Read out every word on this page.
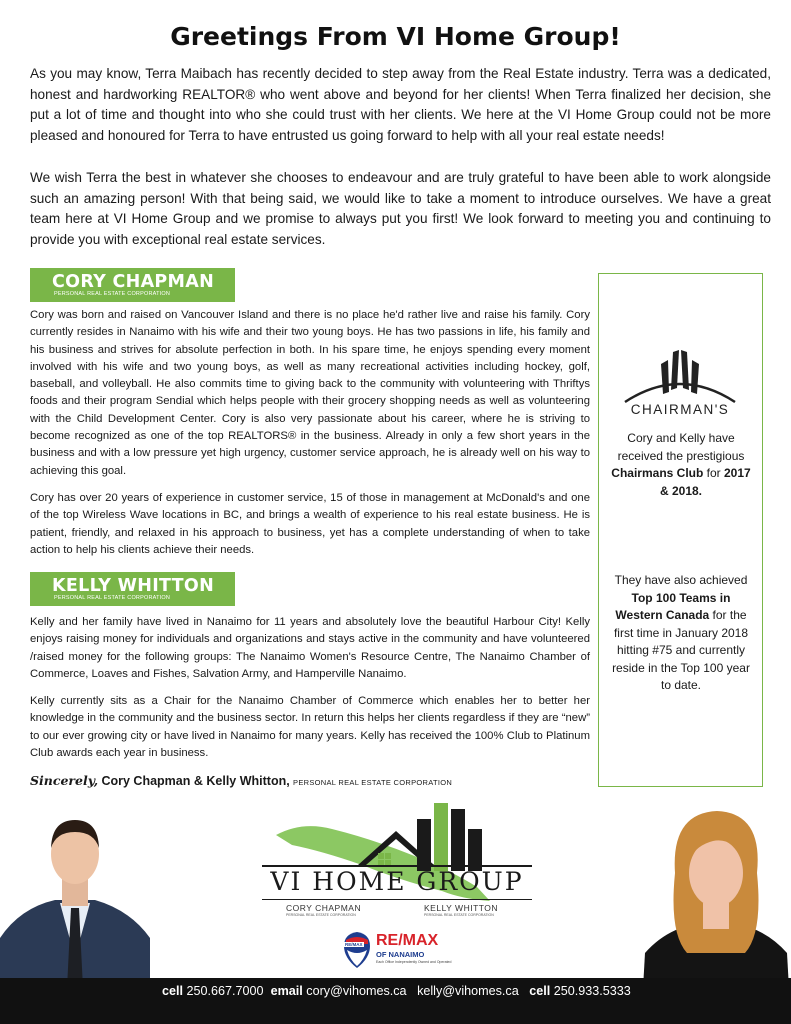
Greetings From VI Home Group!

As you may know, Terra Maibach has recently decided to step away from the Real Estate industry. Terra was a dedicated, honest and hardworking REALTOR® who went above and beyond for her clients! When Terra finalized her decision, she put a lot of time and thought into who she could trust with her clients. We here at the VI Home Group could not be more pleased and honoured for Terra to have entrusted us going forward to help with all your real estate needs!

We wish Terra the best in whatever she chooses to endeavour and are truly grateful to have been able to work alongside such an amazing person! With that being said, we would like to take a moment to introduce ourselves. We have a great team here at VI Home Group and we promise to always put you first! We look forward to meeting you and continuing to provide you with exceptional real estate services.

CORY CHAPMAN
PERSONAL REAL ESTATE CORPORATION

Cory was born and raised on Vancouver Island and there is no place he'd rather live and raise his family. Cory currently resides in Nanaimo with his wife and their two young boys. He has two passions in life, his family and his business and strives for absolute perfection in both. In his spare time, he enjoys spending every moment involved with his wife and two young boys, as well as many recreational activities including hockey, golf, baseball, and volleyball. He also commits time to giving back to the community with volunteering with Thriftys foods and their program Sendial which helps people with their grocery shopping needs as well as volunteering with the Child Development Center. Cory is also very passionate about his career, where he is striving to become recognized as one of the top REALTORS® in the business. Already in only a few short years in the business and with a low pressure yet high urgency, customer service approach, he is already well on his way to achieving this goal.

Cory has over 20 years of experience in customer service, 15 of those in management at McDonald's and one of the top Wireless Wave locations in BC, and brings a wealth of experience to his real estate business. He is patient, friendly, and relaxed in his approach to business, yet has a complete understanding of when to take action to help his clients achieve their needs.

KELLY WHITTON
PERSONAL REAL ESTATE CORPORATION

Kelly and her family have lived in Nanaimo for 11 years and absolutely love the beautiful Harbour City! Kelly enjoys raising money for individuals and organizations and stays active in the community and have volunteered /raised money for the following groups: The Nanaimo Women's Resource Centre, The Nanaimo Chamber of Commerce, Loaves and Fishes, Salvation Army, and Hamperville Nanaimo.

Kelly currently sits as a Chair for the Nanaimo Chamber of Commerce which enables her to better her knowledge in the community and the business sector. In return this helps her clients regardless if they are “new” to our ever growing city or have lived in Nanaimo for many years. Kelly has received the 100% Club to Platinum Club awards each year in business.

CHAIRMAN'S

Cory and Kelly have received the prestigious Chairmans Club for 2017 & 2018.

They have also achieved Top 100 Teams in Western Canada for the first time in January 2018 hitting #75 and currently reside in the Top 100 year to date.

Sincerely, Cory Chapman & Kelly Whitton, PERSONAL REAL ESTATE CORPORATION
VI HOME GROUP
CORY CHAPMAN
PERSONAL REAL ESTATE CORPORATION
KELLY WHITTON
PERSONAL REAL ESTATE CORPORATION
RE/MAX RE/MAX
OF NANAIMO
Each Office Independently Owned and Operated
cell 250.667.7000 email cory@vihomes.ca kelly@vihomes.ca cell 250.933.5333
